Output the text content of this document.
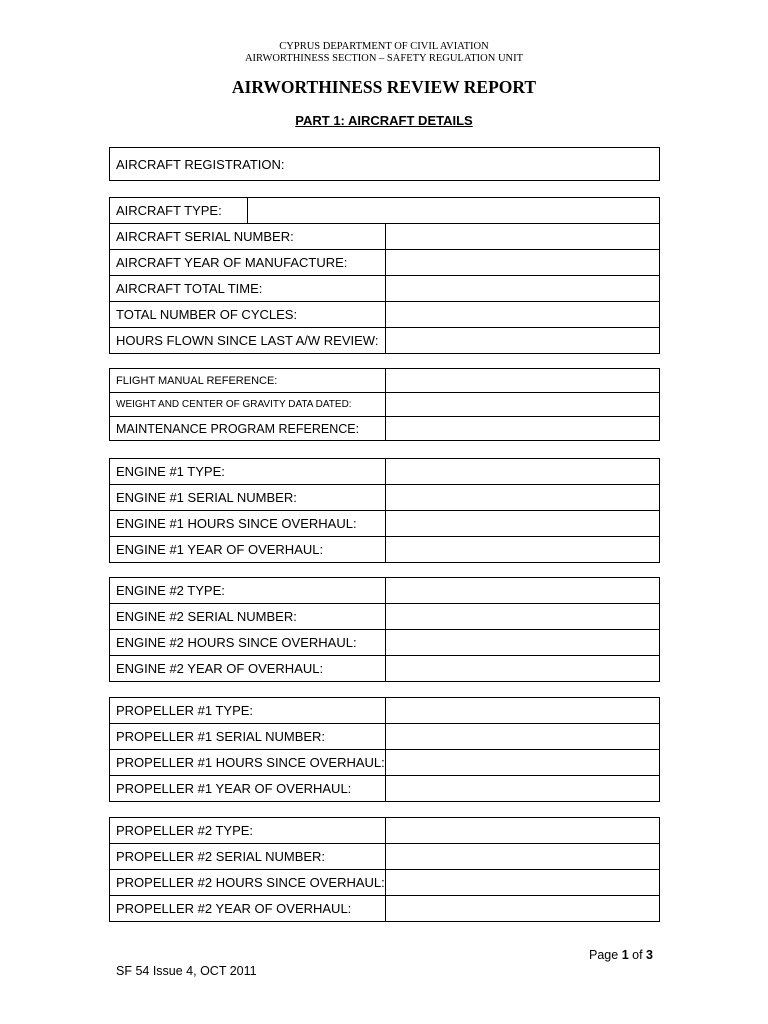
CYPRUS DEPARTMENT OF CIVIL AVIATION
AIRWORTHINESS SECTION – SAFETY REGULATION UNIT
AIRWORTHINESS REVIEW REPORT
PART 1: AIRCRAFT DETAILS
AIRCRAFT REGISTRATION:
AIRCRAFT TYPE:		
AIRCRAFT SERIAL NUMBER:		
AIRCRAFT YEAR OF MANUFACTURE:		
AIRCRAFT TOTAL TIME:		
TOTAL NUMBER OF CYCLES:		
HOURS FLOWN SINCE LAST A/W REVIEW:		
FLIGHT MANUAL REFERENCE:	
WEIGHT AND CENTER OF GRAVITY DATA DATED:	
MAINTENANCE PROGRAM REFERENCE:	
ENGINE #1 TYPE:	
ENGINE #1 SERIAL NUMBER:	
ENGINE #1 HOURS SINCE OVERHAUL:	
ENGINE #1 YEAR OF OVERHAUL:	
ENGINE #2 TYPE:	
ENGINE #2 SERIAL NUMBER:	
ENGINE #2 HOURS SINCE OVERHAUL:	
ENGINE #2 YEAR OF OVERHAUL:	
PROPELLER #1 TYPE:	
PROPELLER #1 SERIAL NUMBER:	
PROPELLER #1 HOURS SINCE OVERHAUL:	
PROPELLER #1 YEAR OF OVERHAUL:	
PROPELLER #2 TYPE:	
PROPELLER #2 SERIAL NUMBER:	
PROPELLER #2 HOURS SINCE OVERHAUL:	
PROPELLER #2 YEAR OF OVERHAUL:	
Page 1 of 3
SF 54 Issue 4, OCT 2011
